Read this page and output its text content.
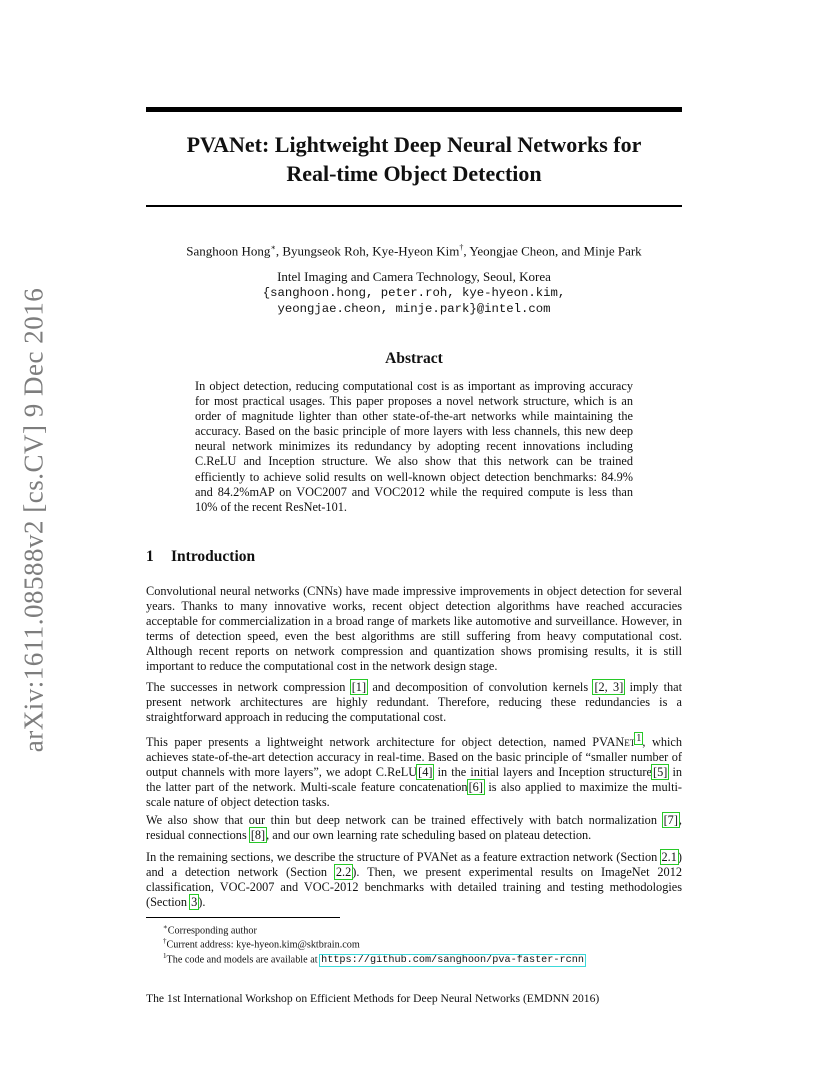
arXiv:1611.08588v2 [cs.CV] 9 Dec 2016
PVANet: Lightweight Deep Neural Networks for
Real-time Object Detection
Sanghoon Hong∗, Byungseok Roh, Kye-Hyeon Kim†, Yeongjae Cheon, and Minje Park
Intel Imaging and Camera Technology, Seoul, Korea
{sanghoon.hong, peter.roh, kye-hyeon.kim,
yeongjae.cheon, minje.park}@intel.com
Abstract

In object detection, reducing computational cost is as important as improving accuracy for most practical usages. This paper proposes a novel network structure, which is an order of magnitude lighter than other state-of-the-art networks while maintaining the accuracy. Based on the basic principle of more layers with less channels, this new deep neural network minimizes its redundancy by adopting recent innovations including C.ReLU and Inception structure. We also show that this network can be trained efficiently to achieve solid results on well-known object detection benchmarks: 84.9% and 84.2%mAP on VOC2007 and VOC2012 while the required compute is less than 10% of the recent ResNet-101.

1 Introduction

Convolutional neural networks (CNNs) have made impressive improvements in object detection for several years. Thanks to many innovative works, recent object detection algorithms have reached accuracies acceptable for commercialization in a broad range of markets like automotive and surveillance. However, in terms of detection speed, even the best algorithms are still suffering from heavy computational cost. Although recent reports on network compression and quantization shows promising results, it is still important to reduce the computational cost in the network design stage.

The successes in network compression [1] and decomposition of convolution kernels [2, 3] imply that present network architectures are highly redundant. Therefore, reducing these redundancies is a straightforward approach in reducing the computational cost.

This paper presents a lightweight network architecture for object detection, named PVANet$^1$, which achieves state-of-the-art detection accuracy in real-time. Based on the basic principle of “smaller number of output channels with more layers”, we adopt C.ReLU[4] in the initial layers and Inception structure[5] in the latter part of the network. Multi-scale feature concatenation[6] is also applied to maximize the multi-scale nature of object detection tasks.

We also show that our thin but deep network can be trained effectively with batch normalization [7], residual connections [8], and our own learning rate scheduling based on plateau detection.

In the remaining sections, we describe the structure of PVANet as a feature extraction network (Section 2.1) and a detection network (Section 2.2). Then, we present experimental results on ImageNet 2012 classification, VOC-2007 and VOC-2012 benchmarks with detailed training and testing methodologies (Section 3).

∗Corresponding author

†Current address: kye-hyeon.kim@sktbrain.com

$^1$The code and models are available at https://github.com/sanghoon/pva-faster-rcnn

The 1st International Workshop on Efficient Methods for Deep Neural Networks (EMDNN 2016)
